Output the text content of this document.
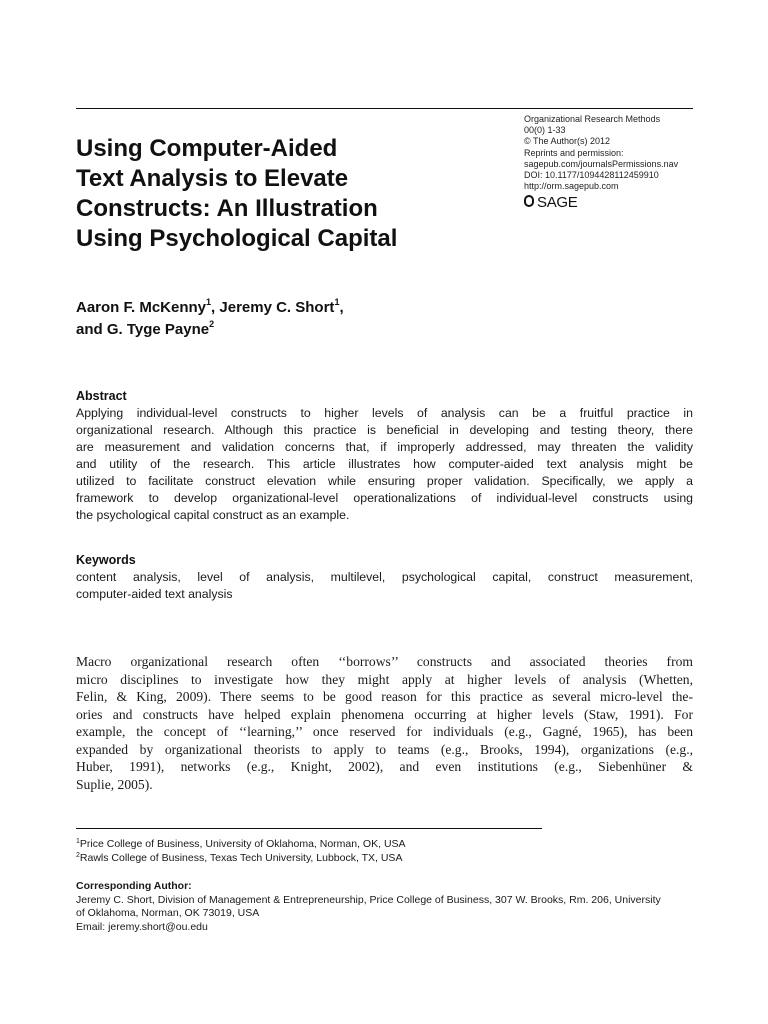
Organizational Research Methods
00(0) 1-33
© The Author(s) 2012
Reprints and permission:
sagepub.com/journalsPermissions.nav
DOI: 10.1177/1094428112459910
http://orm.sagepub.com
SAGE
Using Computer-Aided
Text Analysis to Elevate
Constructs: An Illustration
Using Psychological Capital
Aaron F. McKenny$^1$, Jeremy C. Short$^1$,
and G. Tyge Payne$^2$
Abstract
Applying individual-level constructs to higher levels of analysis can be a fruitful practice in
organizational research. Although this practice is beneficial in developing and testing theory, there
are measurement and validation concerns that, if improperly addressed, may threaten the validity
and utility of the research. This article illustrates how computer-aided text analysis might be
utilized to facilitate construct elevation while ensuring proper validation. Specifically, we apply a
framework to develop organizational-level operationalizations of individual-level constructs using
the psychological capital construct as an example.
Keywords
content analysis, level of analysis, multilevel, psychological capital, construct measurement,
computer-aided text analysis
Macro organizational research often ‘‘borrows’’ constructs and associated theories from
micro disciplines to investigate how they might apply at higher levels of analysis (Whetten,
Felin, & King, 2009). There seems to be good reason for this practice as several micro-level the-
ories and constructs have helped explain phenomena occurring at higher levels (Staw, 1991). For
example, the concept of ‘‘learning,’’ once reserved for individuals (e.g., Gagné, 1965), has been
expanded by organizational theorists to apply to teams (e.g., Brooks, 1994), organizations (e.g.,
Huber, 1991), networks (e.g., Knight, 2002), and even institutions (e.g., Siebenhüner &
Suplie, 2005).
$^1$Price College of Business, University of Oklahoma, Norman, OK, USA
$^2$Rawls College of Business, Texas Tech University, Lubbock, TX, USA
Corresponding Author:
Jeremy C. Short, Division of Management & Entrepreneurship, Price College of Business, 307 W. Brooks, Rm. 206, University
of Oklahoma, Norman, OK 73019, USA
Email: jeremy.short@ou.edu
